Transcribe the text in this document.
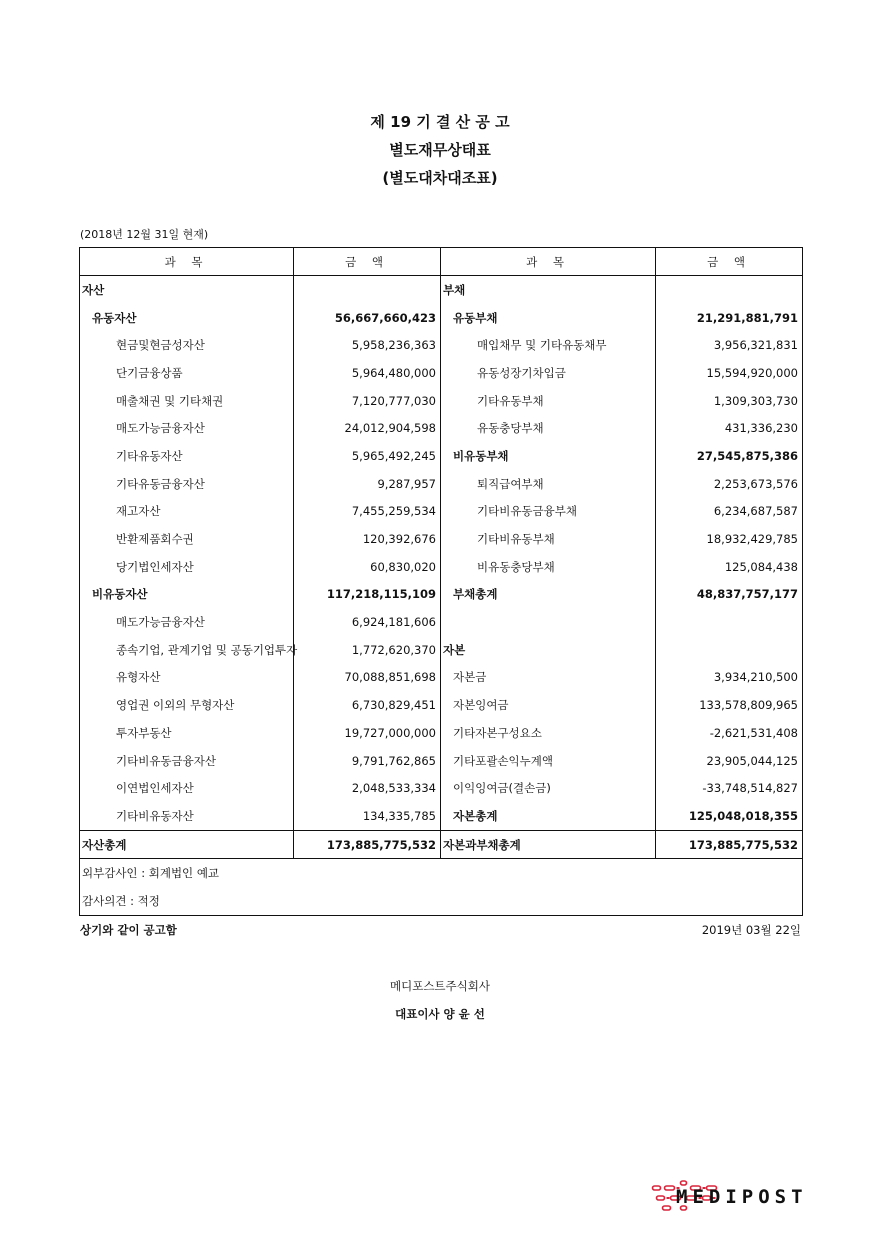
제 19 기 결 산 공 고
별도재무상태표
(별도대차대조표)
(2018년 12월 31일 현재)
과 목	금 액	과 목	금 액
자산		부채	
유동자산	56,667,660,423	유동부채	21,291,881,791
현금및현금성자산	5,958,236,363	매입채무 및 기타유동채무	3,956,321,831
단기금융상품	5,964,480,000	유동성장기차입금	15,594,920,000
매출채권 및 기타채권	7,120,777,030	기타유동부채	1,309,303,730
매도가능금융자산	24,012,904,598	유동충당부채	431,336,230
기타유동자산	5,965,492,245	비유동부채	27,545,875,386
기타유동금융자산	9,287,957	퇴직급여부채	2,253,673,576
재고자산	7,455,259,534	기타비유동금융부채	6,234,687,587
반환제품회수권	120,392,676	기타비유동부채	18,932,429,785
당기법인세자산	60,830,020	비유동충당부채	125,084,438
비유동자산	117,218,115,109	부채총계	48,837,757,177
매도가능금융자산	6,924,181,606		
종속기업, 관계기업 및 공동기업투자	1,772,620,370	자본	
유형자산	70,088,851,698	자본금	3,934,210,500
영업권 이외의 무형자산	6,730,829,451	자본잉여금	133,578,809,965
투자부동산	19,727,000,000	기타자본구성요소	-2,621,531,408
기타비유동금융자산	9,791,762,865	기타포괄손익누계액	23,905,044,125
이연법인세자산	2,048,533,334	이익잉여금(결손금)	-33,748,514,827
기타비유동자산	134,335,785	자본총계	125,048,018,355
자산총계	173,885,775,532	자본과부채총계	173,885,775,532
외부감사인 : 회계법인 예교			
감사의견 : 적정			
상기와 같이 공고함	2019년 03월 22일
메디포스트주식회사
대표이사 양 윤 선
MEDIPOST
